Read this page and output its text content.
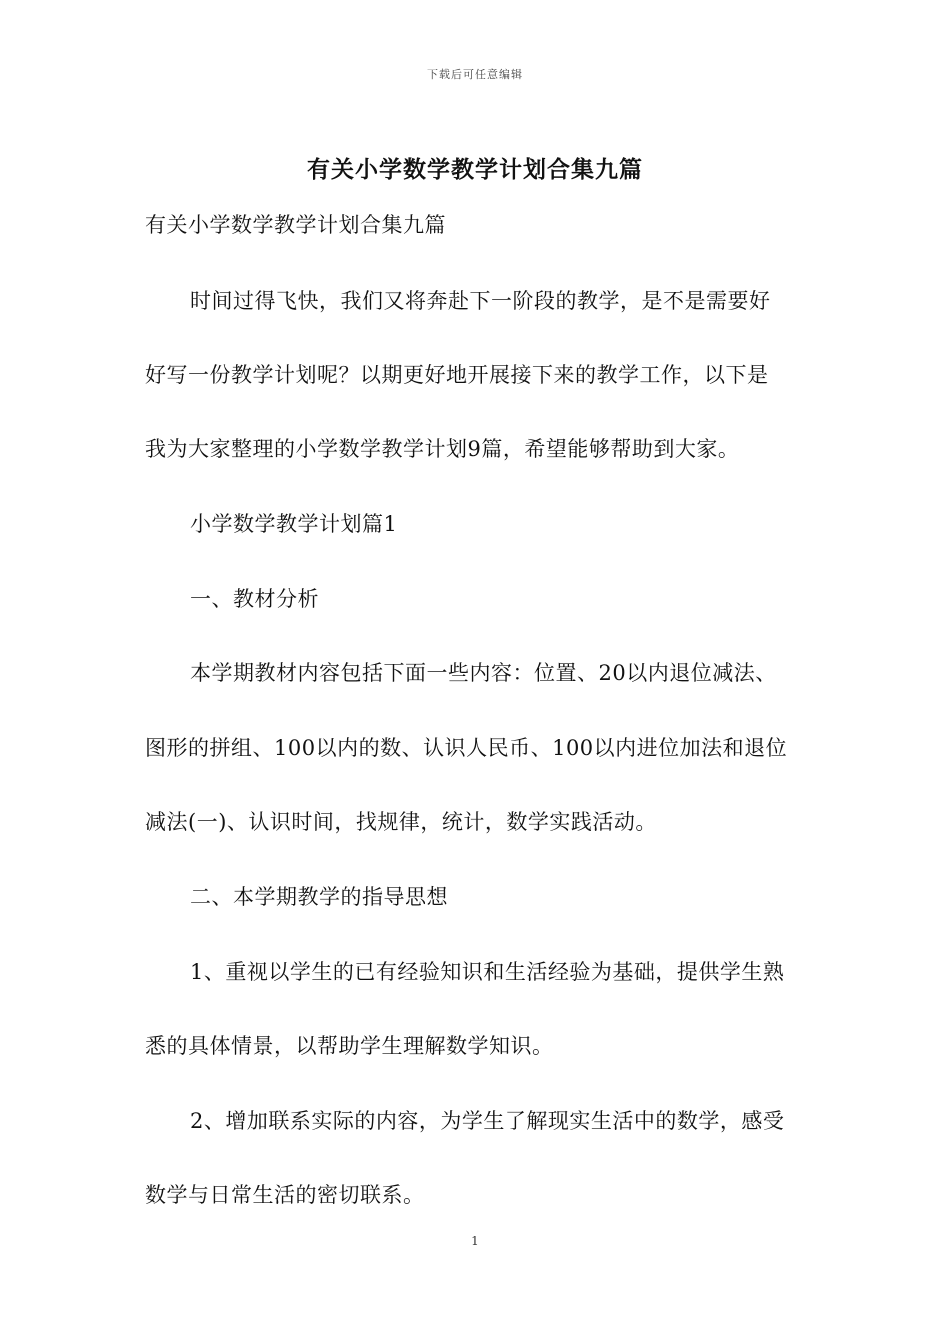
下载后可任意编辑
有关小学数学教学计划合集九篇
有关小学数学教学计划合集九篇
时间过得飞快，我们又将奔赴下一阶段的教学，是不是需要好
好写一份教学计划呢？以期更好地开展接下来的教学工作，以下是
我为大家整理的小学数学教学计划9篇，希望能够帮助到大家。
小学数学教学计划篇1
一、教材分析
本学期教材内容包括下面一些内容：位置、20以内退位减法、
图形的拼组、100以内的数、认识人民币、100以内进位加法和退位
减法(一)、认识时间，找规律，统计，数学实践活动。
二、本学期教学的指导思想
1、重视以学生的已有经验知识和生活经验为基础，提供学生熟
悉的具体情景，以帮助学生理解数学知识。
2、增加联系实际的内容，为学生了解现实生活中的数学，感受
数学与日常生活的密切联系。
1
